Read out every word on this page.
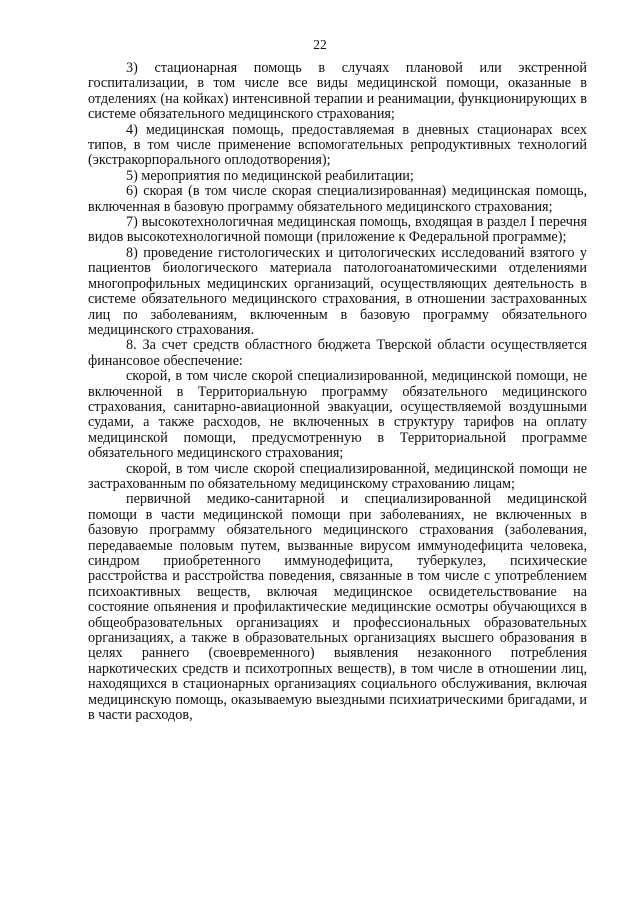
22

3) стационарная помощь в случаях плановой или экстренной госпитализации, в том числе все виды медицинской помощи, оказанные в отделениях (на койках) интенсивной терапии и реанимации, функционирующих в системе обязательного медицинского страхования;

4) медицинская помощь, предоставляемая в дневных стационарах всех типов, в том числе применение вспомогательных репродуктивных технологий (экстракорпорального оплодотворения);

5) мероприятия по медицинской реабилитации;

6) скорая (в том числе скорая специализированная) медицинская помощь, включенная в базовую программу обязательного медицинского страхования;

7) высокотехнологичная медицинская помощь, входящая в раздел I перечня видов высокотехнологичной помощи (приложение к Федеральной программе);

8) проведение гистологических и цитологических исследований взятого у пациентов биологического материала патологоанатомическими отделениями многопрофильных медицинских организаций, осуществляющих деятельность в системе обязательного медицинского страхования, в отношении застрахованных лиц по заболеваниям, включенным в базовую программу обязательного медицинского страхования.

8. За счет средств областного бюджета Тверской области осуществляется финансовое обеспечение:

скорой, в том числе скорой специализированной, медицинской помощи, не включенной в Территориальную программу обязательного медицинского страхования, санитарно-авиационной эвакуации, осуществляемой воздушными судами, а также расходов, не включенных в структуру тарифов на оплату медицинской помощи, предусмотренную в Территориальной программе обязательного медицинского страхования;

скорой, в том числе скорой специализированной, медицинской помощи не застрахованным по обязательному медицинскому страхованию лицам;

первичной медико-санитарной и специализированной медицинской помощи в части медицинской помощи при заболеваниях, не включенных в базовую программу обязательного медицинского страхования (заболевания, передаваемые половым путем, вызванные вирусом иммунодефицита человека, синдром приобретенного иммунодефицита, туберкулез, психические расстройства и расстройства поведения, связанные в том числе с употреблением психоактивных веществ, включая медицинское освидетельствование на состояние опьянения и профилактические медицинские осмотры обучающихся в общеобразовательных организациях и профессиональных образовательных организациях, а также в образовательных организациях высшего образования в целях раннего (своевременного) выявления незаконного потребления наркотических средств и психотропных веществ), в том числе в отношении лиц, находящихся в стационарных организациях социального обслуживания, включая медицинскую помощь, оказываемую выездными психиатрическими бригадами, и в части расходов,
